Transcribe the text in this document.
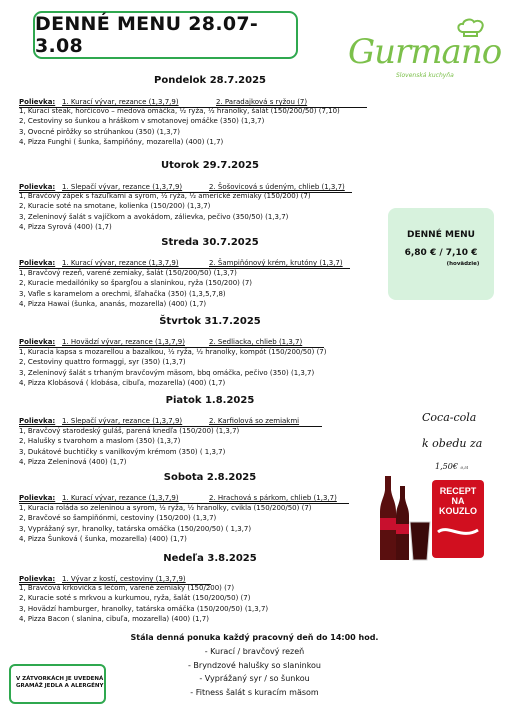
DENNÉ MENU 28.07- 3.08	Gurmano
Slovenská kuchyňa
Pondelok 28.7.2025
Polievka: 1. Kurací vývar, rezance (1,3,7,9)	2. Paradajková s ryžou (7)
1, Kurací steak, horčicovo – medová omáčka, ½ ryža, ½ hranolky, šalát (150/200/50) (7,10)
2, Cestoviny so šunkou a hráškom v smotanovej omáčke (350) (1,3,7)
3, Ovocné pirôžky so strúhankou (350) (1,3,7)
4, Pizza Funghi ( šunka, šampiňóny, mozarella) (400) (1,7)
Utorok 29.7.2025
Polievka: 1. Slepačí vývar, rezance (1,3,7,9)	2. Šošovicová s údeným, chlieb (1,3,7)
1, Bravčový zápek s fazuľkami a syrom, ½ ryža, ½ americké zemiaky (150/200) (7)
2, Kuracie soté na smotane, kolienka (150/200) (1,3,7)
3, Zeleninový šalát s vajíčkom a avokádom, zálievka, pečivo (350/50) (1,3,7)
4, Pizza Syrová (400) (1,7)
Streda 30.7.2025
Polievka: 1. Kurací vývar, rezance (1,3,7,9)	2. Šampiňónový krém, krutóny (1,3,7)
1, Bravčový rezeň, varené zemiaky, šalát (150/200/50) (1,3,7)
2, Kuracie medailóniky so špargľou a slaninkou, ryža (150/200) (7)
3, Vafle s karamelom a orechmi, šľahačka (350) (1,3,5,7,8)
4, Pizza Hawai (šunka, ananás, mozarella) (400) (1,7)
Štvrtok 31.7.2025
Polievka: 1. Hovädzí vývar, rezance (1,3,7,9)	2. Sedliacka, chlieb (1,3,7)
1, Kuracia kapsa s mozarellou a bazalkou, ½ ryža, ½ hranolky, kompót (150/200/50) (7)
2, Cestoviny quattro formaggi, syr (350) (1,3,7)
3, Zeleninový šalát s trhaným bravčovým mäsom, bbq omáčka, pečivo (350) (1,3,7)
4, Pizza Klobásová ( klobása, cibuľa, mozarella) (400) (1,7)
Piatok 1.8.2025
Polievka: 1. Slepačí vývar, rezance (1,3,7,9)	2. Karfiolová so zemiakmi
1, Bravčový starodeský guláš, parená knedľa (150/200) (1,3,7)
2, Halušky s tvarohom a maslom (350) (1,3,7)
3, Dukátové buchtičky s vanilkovým krémom (350) ( 1,3,7)
4, Pizza Zeleninová (400) (1,7)
Sobota 2.8.2025
Polievka: 1. Kurací vývar, rezance (1,3,7,9)	2. Hrachová s párkom, chlieb (1,3,7)
1, Kuracia roláda so zeleninou a syrom, ½ ryža, ½ hranolky, cvikla (150/200/50) (7)
2, Bravčové so šampiňónmi, cestoviny (150/200) (1,3,7)
3, Vyprážaný syr, hranolky, tatárska omáčka (150/200/50) ( 1,3,7)
4, Pizza Šunková ( šunka, mozarella) (400) (1,7)
Nedeľa 3.8.2025
Polievka: 1. Vývar z kostí, cestoviny (1,3,7,9)
1, Bravčová krkovička s lečom, varené zemiaky (150/200) (7)
2, Kuracie soté s mrkvou a kurkumou, ryža, šalát (150/200/50) (7)
3, Hovädzí hamburger, hranolky, tatárska omáčka (150/200/50) (1,3,7)
4, Pizza Bacon ( slanina, cibuľa, mozarella) (400) (1,7)
DENNÉ MENU
6,80 € / 7,10 €
(hovädzie)
Coca-cola
k obedu za
1,50€ 0,5l
RECEPT NA KOUZLO
Stála denná ponuka každý pracovný deň do 14:00 hod.
- Kurací / bravčový rezeň
- Bryndzové halušky so slaninkou
- Vyprážaný syr / so šunkou
- Fitness šalát s kuracím mäsom
V ZÁTVORKÁCH JE UVEDENÁ
GRAMÁŽ JEDLA A ALERGÉNY
